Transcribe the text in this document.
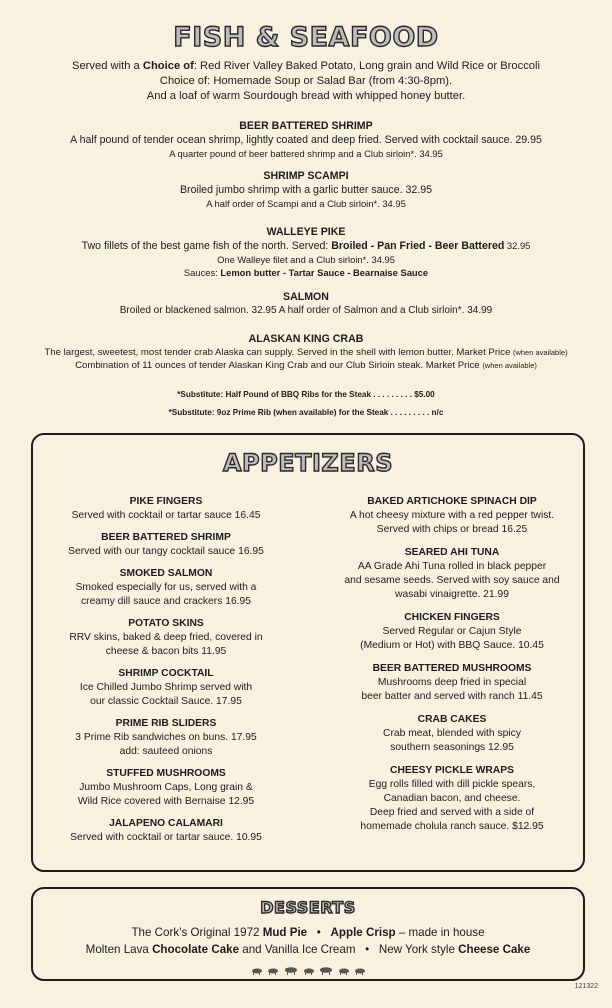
FISH & SEAFOOD
Served with a Choice of: Red River Valley Baked Potato, Long grain and Wild Rice or Broccoli
Choice of: Homemade Soup or Salad Bar (from 4:30-8pm).
And a loaf of warm Sourdough bread with whipped honey butter.
BEER BATTERED SHRIMP

A half pound of tender ocean shrimp, lightly coated and deep fried. Served with cocktail sauce. 29.95

A quarter pound of beer battered shrimp and a Club sirloin*. 34.95

SHRIMP SCAMPI

Broiled jumbo shrimp with a garlic butter sauce. 32.95

A half order of Scampi and a Club sirloin*. 34.95

WALLEYE PIKE

Two fillets of the best game fish of the north. Served: Broiled - Pan Fried - Beer Battered 32.95

One Walleye filet and a Club sirloin*. 34.95

Sauces: Lemon butter - Tartar Sauce - Bearnaise Sauce

SALMON

Broiled or blackened salmon. 32.95 A half order of Salmon and a Club sirloin*. 34.99

ALASKAN KING CRAB

The largest, sweetest, most tender crab Alaska can supply. Served in the shell with lemon butter. Market Price (when available)

Combination of 11 ounces of tender Alaskan King Crab and our Club Sirloin steak. Market Price (when available)

*Substitute: Half Pound of BBQ Ribs for the Steak . . . . . . . . . $5.00
*Substitute: 9oz Prime Rib (when available) for the Steak . . . . . . . . . n/c
APPETIZERS
PIKE FINGERS

Served with cocktail or tartar sauce 16.45

BEER BATTERED SHRIMP

Served with our tangy cocktail sauce 16.95

SMOKED SALMON

Smoked especially for us, served with a

creamy dill sauce and crackers 16.95

POTATO SKINS

RRV skins, baked & deep fried, covered in

cheese & bacon bits 11.95

SHRIMP COCKTAIL

Ice Chilled Jumbo Shrimp served with

our classic Cocktail Sauce. 17.95

PRIME RIB SLIDERS

3 Prime Rib sandwiches on buns. 17.95

add: sauteed onions

STUFFED MUSHROOMS

Jumbo Mushroom Caps, Long grain &

Wild Rice covered with Bernaise 12.95

JALAPENO CALAMARI

Served with cocktail or tartar sauce. 10.95

BAKED ARTICHOKE SPINACH DIP

A hot cheesy mixture with a red pepper twist.

Served with chips or bread 16.25

SEARED AHI TUNA

AA Grade Ahi Tuna rolled in black pepper

and sesame seeds. Served with soy sauce and

wasabi vinaigrette. 21.99

CHICKEN FINGERS

Served Regular or Cajun Style

(Medium or Hot) with BBQ Sauce. 10.45

BEER BATTERED MUSHROOMS

Mushrooms deep fried in special

beer batter and served with ranch 11.45

CRAB CAKES

Crab meat, blended with spicy

southern seasonings 12.95

CHEESY PICKLE WRAPS

Egg rolls filled with dill pickle spears,

Canadian bacon, and cheese.

Deep fried and served with a side of

homemade cholula ranch sauce. $12.95

DESSERTS
The Cork’s Original 1972 Mud Pie   •   Apple Crisp – made in house
Molten Lava Chocolate Cake and Vanilla Ice Cream   •   New York style Cheese Cake
121322
